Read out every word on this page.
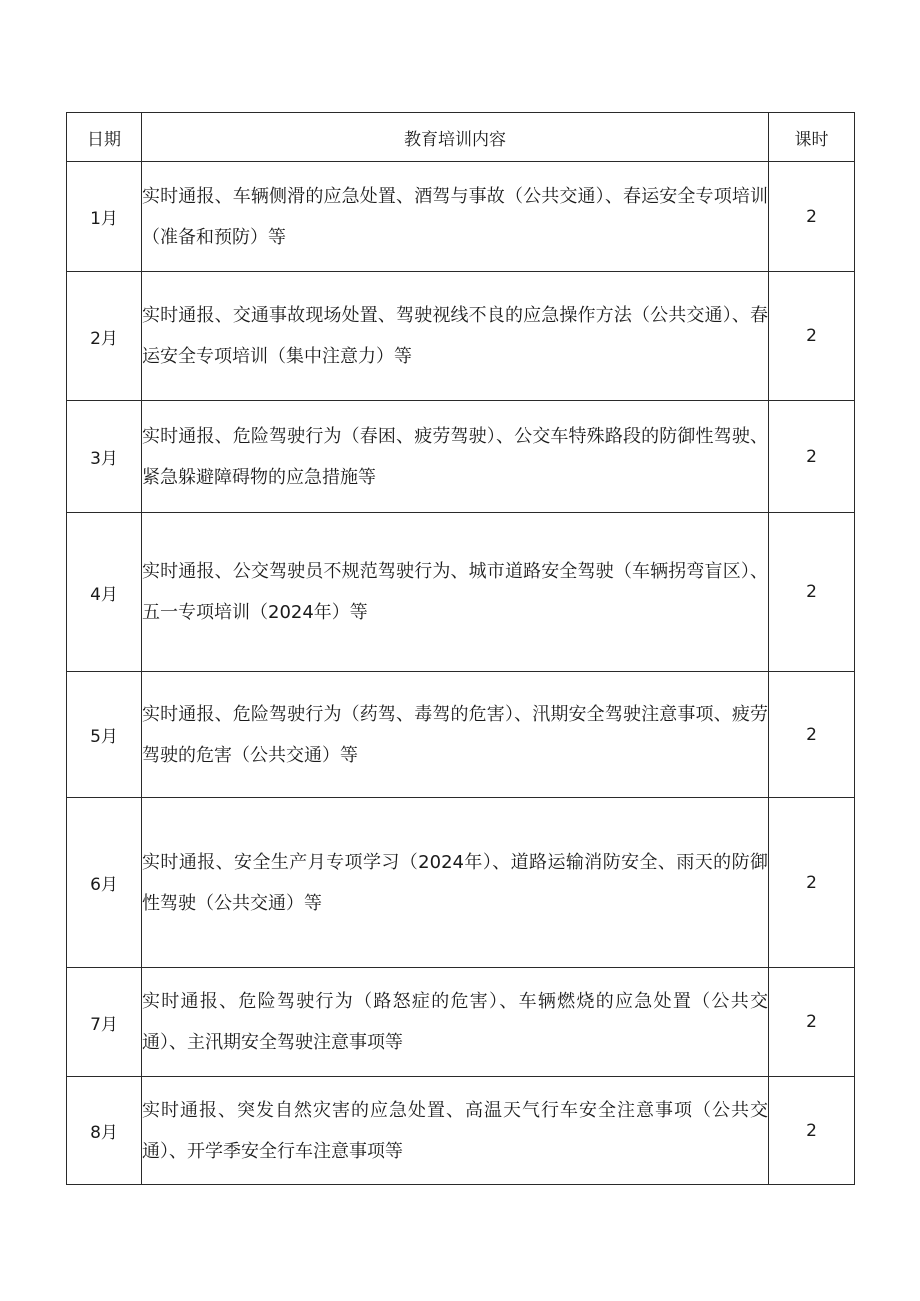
日期	教育培训内容	课时
1月	实时通报、车辆侧滑的应急处置、酒驾与事故（公共交通）、春运安全专项培训（准备和预防）等	2
2月	实时通报、交通事故现场处置、驾驶视线不良的应急操作方法（公共交通）、春运安全专项培训（集中注意力）等	2
3月	实时通报、危险驾驶行为（春困、疲劳驾驶）、公交车特殊路段的防御性驾驶、紧急躲避障碍物的应急措施等	2
4月	实时通报、公交驾驶员不规范驾驶行为、城市道路安全驾驶（车辆拐弯盲区）、五一专项培训（2024年）等	2
5月	实时通报、危险驾驶行为（药驾、毒驾的危害）、汛期安全驾驶注意事项、疲劳驾驶的危害（公共交通）等	2
6月	实时通报、安全生产月专项学习（2024年）、道路运输消防安全、雨天的防御性驾驶（公共交通）等	2
7月	实时通报、危险驾驶行为（路怒症的危害）、车辆燃烧的应急处置（公共交通）、主汛期安全驾驶注意事项等	2
8月	实时通报、突发自然灾害的应急处置、高温天气行车安全注意事项（公共交通）、开学季安全行车注意事项等	2
